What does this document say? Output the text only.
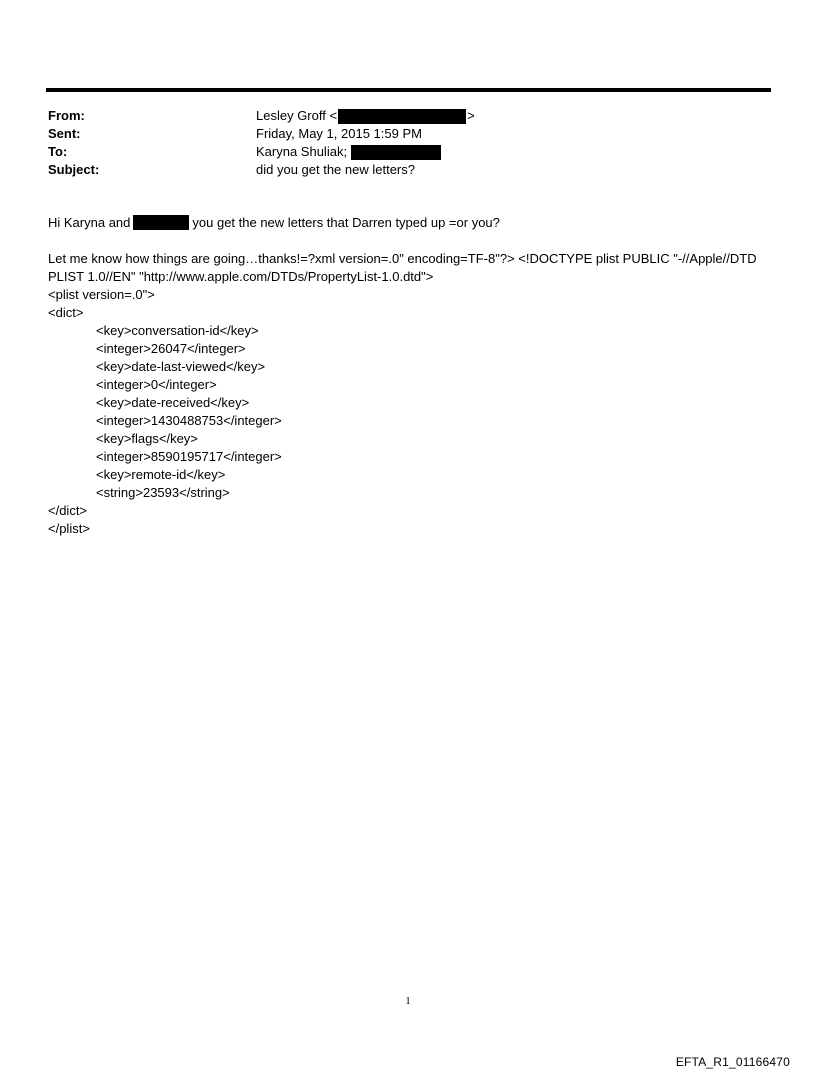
From:	Lesley Groff <	>
Sent:	Friday, May 1, 2015 1:59 PM
To:	Karyna Shuliak;
Subject:	did you get the new letters?
Hi Karyna and	you get the new letters that Darren typed up =or you?
Let me know how things are going…thanks!=?xml version=.0" encoding=TF-8"?> <!DOCTYPE plist PUBLIC "-//Apple//DTD
PLIST 1.0//EN" "http://www.apple.com/DTDs/PropertyList-1.0.dtd">
<plist version=.0">
<dict>
<key>conversation-id</key>
<integer>26047</integer>
<key>date-last-viewed</key>
<integer>0</integer>
<key>date-received</key>
<integer>1430488753</integer>
<key>flags</key>
<integer>8590195717</integer>
<key>remote-id</key>
<string>23593</string>
</dict>
</plist>
1
EFTA_R1_01166470
